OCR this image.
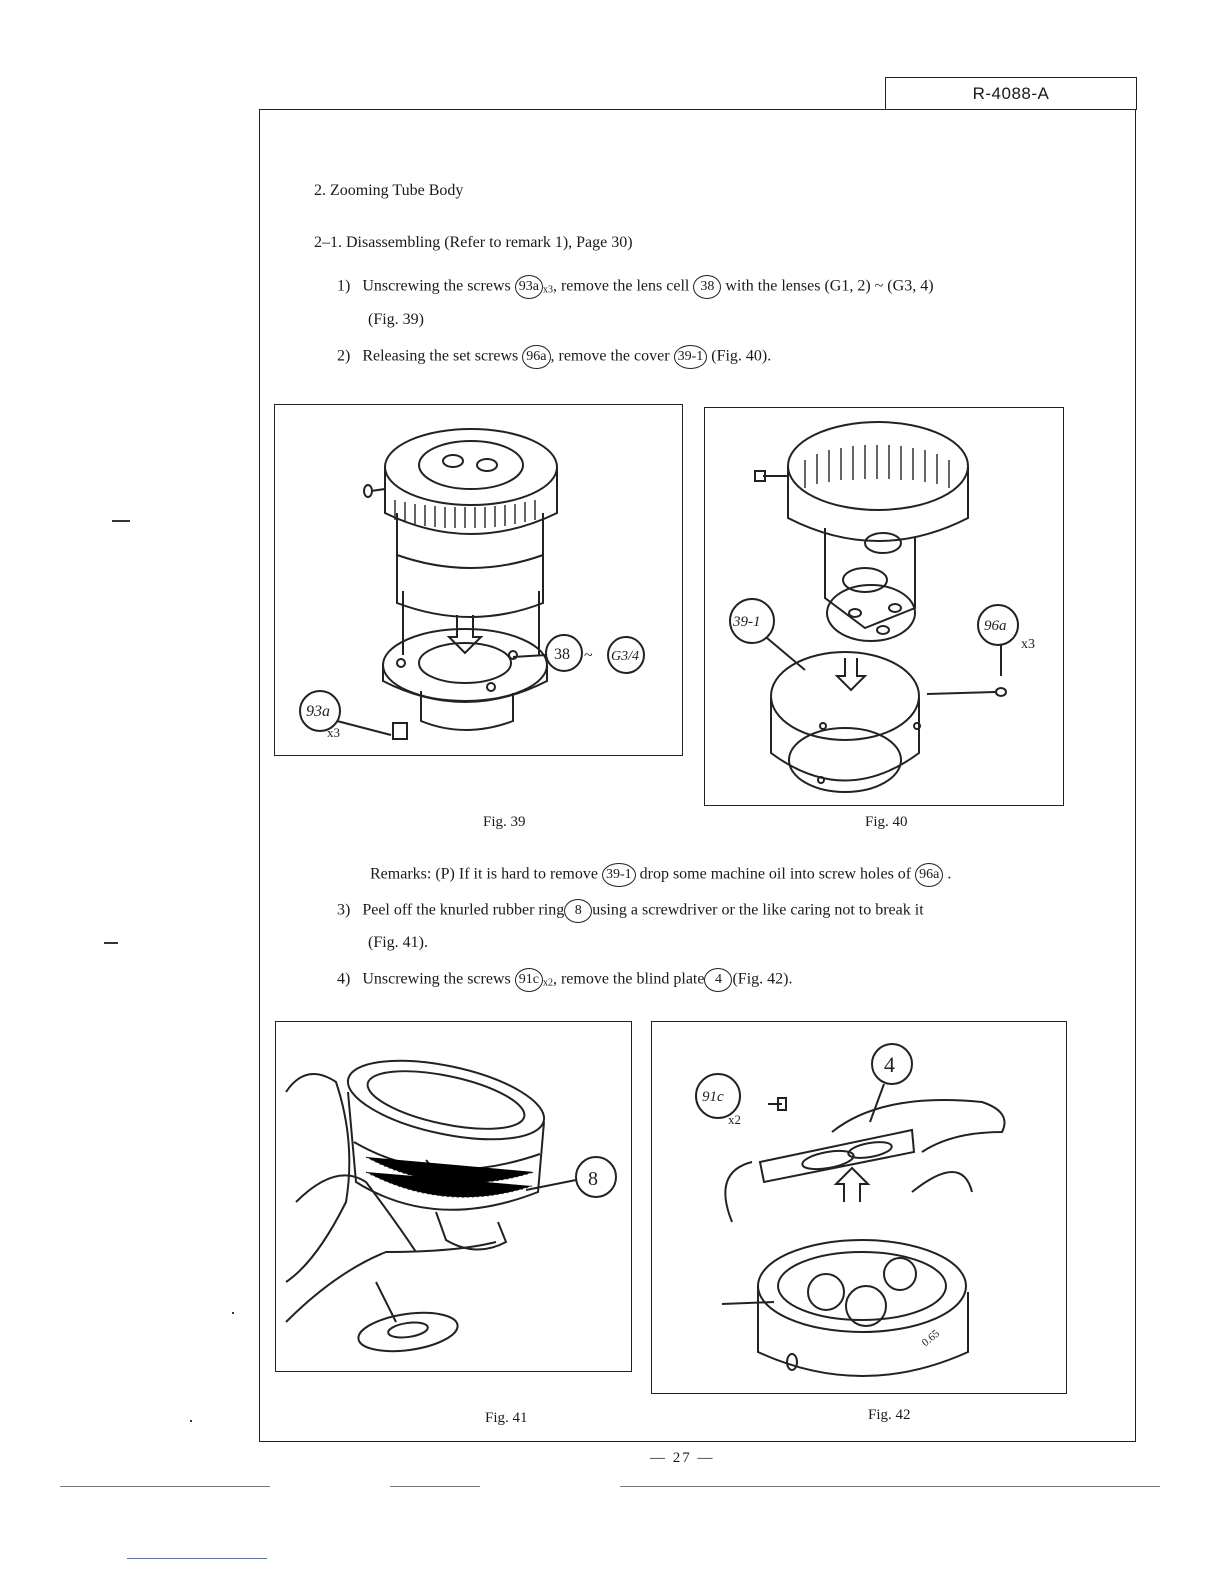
R-4088-A
2. Zooming Tube Body
2–1. Disassembling (Refer to remark 1), Page 30)
1) Unscrewing the screws 93a $_{x3}$, remove the lens cell 38 with the lenses (G1, 2) ~ (G3, 4)
(Fig. 39)
2) Releasing the set screws 96a , remove the cover 39-1 (Fig. 40).
93a
x3
38 ~ G3/4
39-1	96a
x3
Fig. 39	Fig. 40
Remarks: (P) If it is hard to remove 39-1 drop some machine oil into screw holes of 96a .
3) Peel off the knurled rubber ring 8 using a screwdriver or the like caring not to break it
(Fig. 41).
4) Unscrewing the screws 91c $_{x2}$, remove the blind plate 4 (Fig. 42).
8
4
91c
x2
0.65
Fig. 41	Fig. 42
— 27 —
